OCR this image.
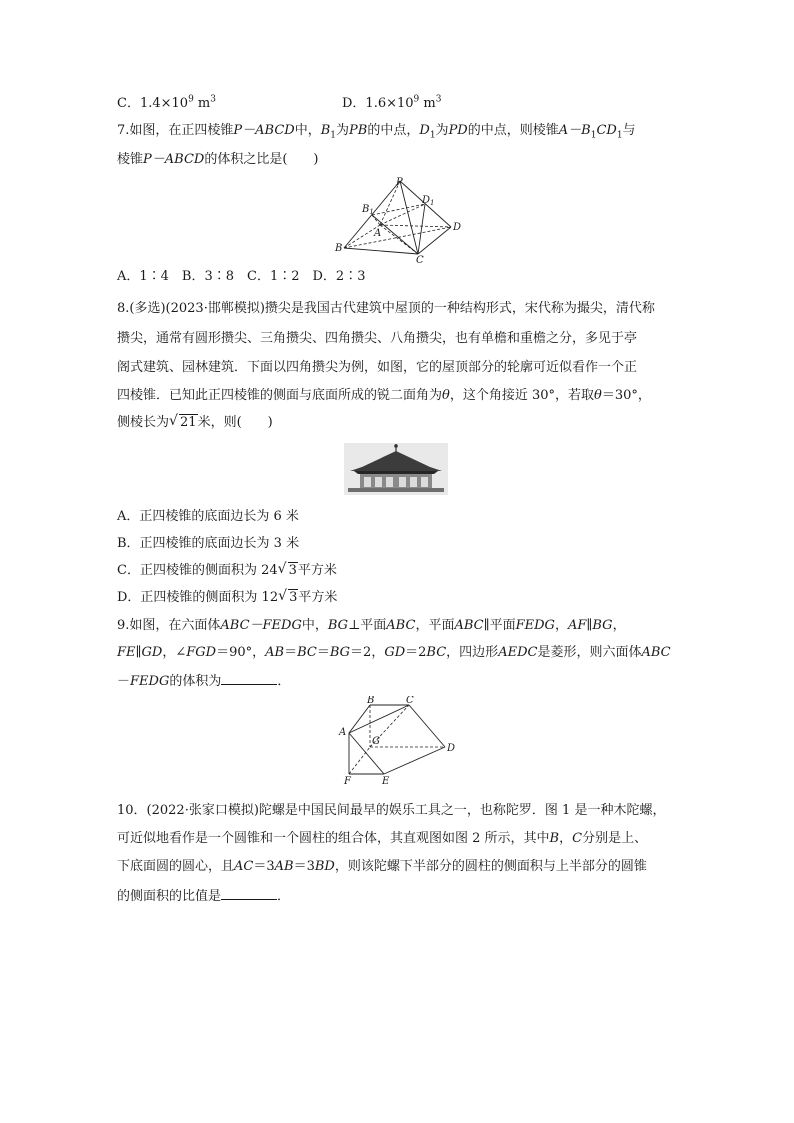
C．$1.4\times 10^9$ $m^3$	D．$1.6\times 10^9$ $m^3$
7.如图，在正四棱锥P－ABCD中，$B_1$为PB的中点，$D_1$为PD的中点，则棱锥$A-B_1CD_1$与
棱锥P－ABCD的体积之比是(　　)
P
$B_1$
$D_1$
A
D
B
C
A．1∶4　B．3∶8　C．1∶2　D．2∶3
8.(多选)(2023·邯郸模拟)攒尖是我国古代建筑中屋顶的一种结构形式，宋代称为撮尖，清代称
攒尖，通常有圆形攒尖、三角攒尖、四角攒尖、八角攒尖，也有单檐和重檐之分，多见于亭
阁式建筑、园林建筑．下面以四角攒尖为例，如图，它的屋顶部分的轮廓可近似看作一个正
四棱锥．已知此正四棱锥的侧面与底面所成的锐二面角为θ，这个角接近 30°，若取θ＝30°，
侧棱长为 √ 21米，则(　　)
A．正四棱锥的底面边长为 6 米
B．正四棱锥的底面边长为 3 米
C．正四棱锥的侧面积为 24 √ 3平方米
D．正四棱锥的侧面积为 12 √ 3平方米
9.如图，在六面体ABC－FEDG中，BG⊥平面ABC，平面ABC∥平面FEDG，AF∥BG，
FE∥GD，∠FGD＝90°，AB＝BC＝BG＝2，GD＝2BC，四边形AEDC是菱形，则六面体ABC
－FEDG的体积为	．
B	C
A
G
D
F	E
10．(2022·张家口模拟)陀螺是中国民间最早的娱乐工具之一，也称陀罗．图 1 是一种木陀螺，
可近似地看作是一个圆锥和一个圆柱的组合体，其直观图如图 2 所示，其中B，C分别是上、
下底面圆的圆心，且AC＝3AB＝3BD，则该陀螺下半部分的圆柱的侧面积与上半部分的圆锥
的侧面积的比值是	．
